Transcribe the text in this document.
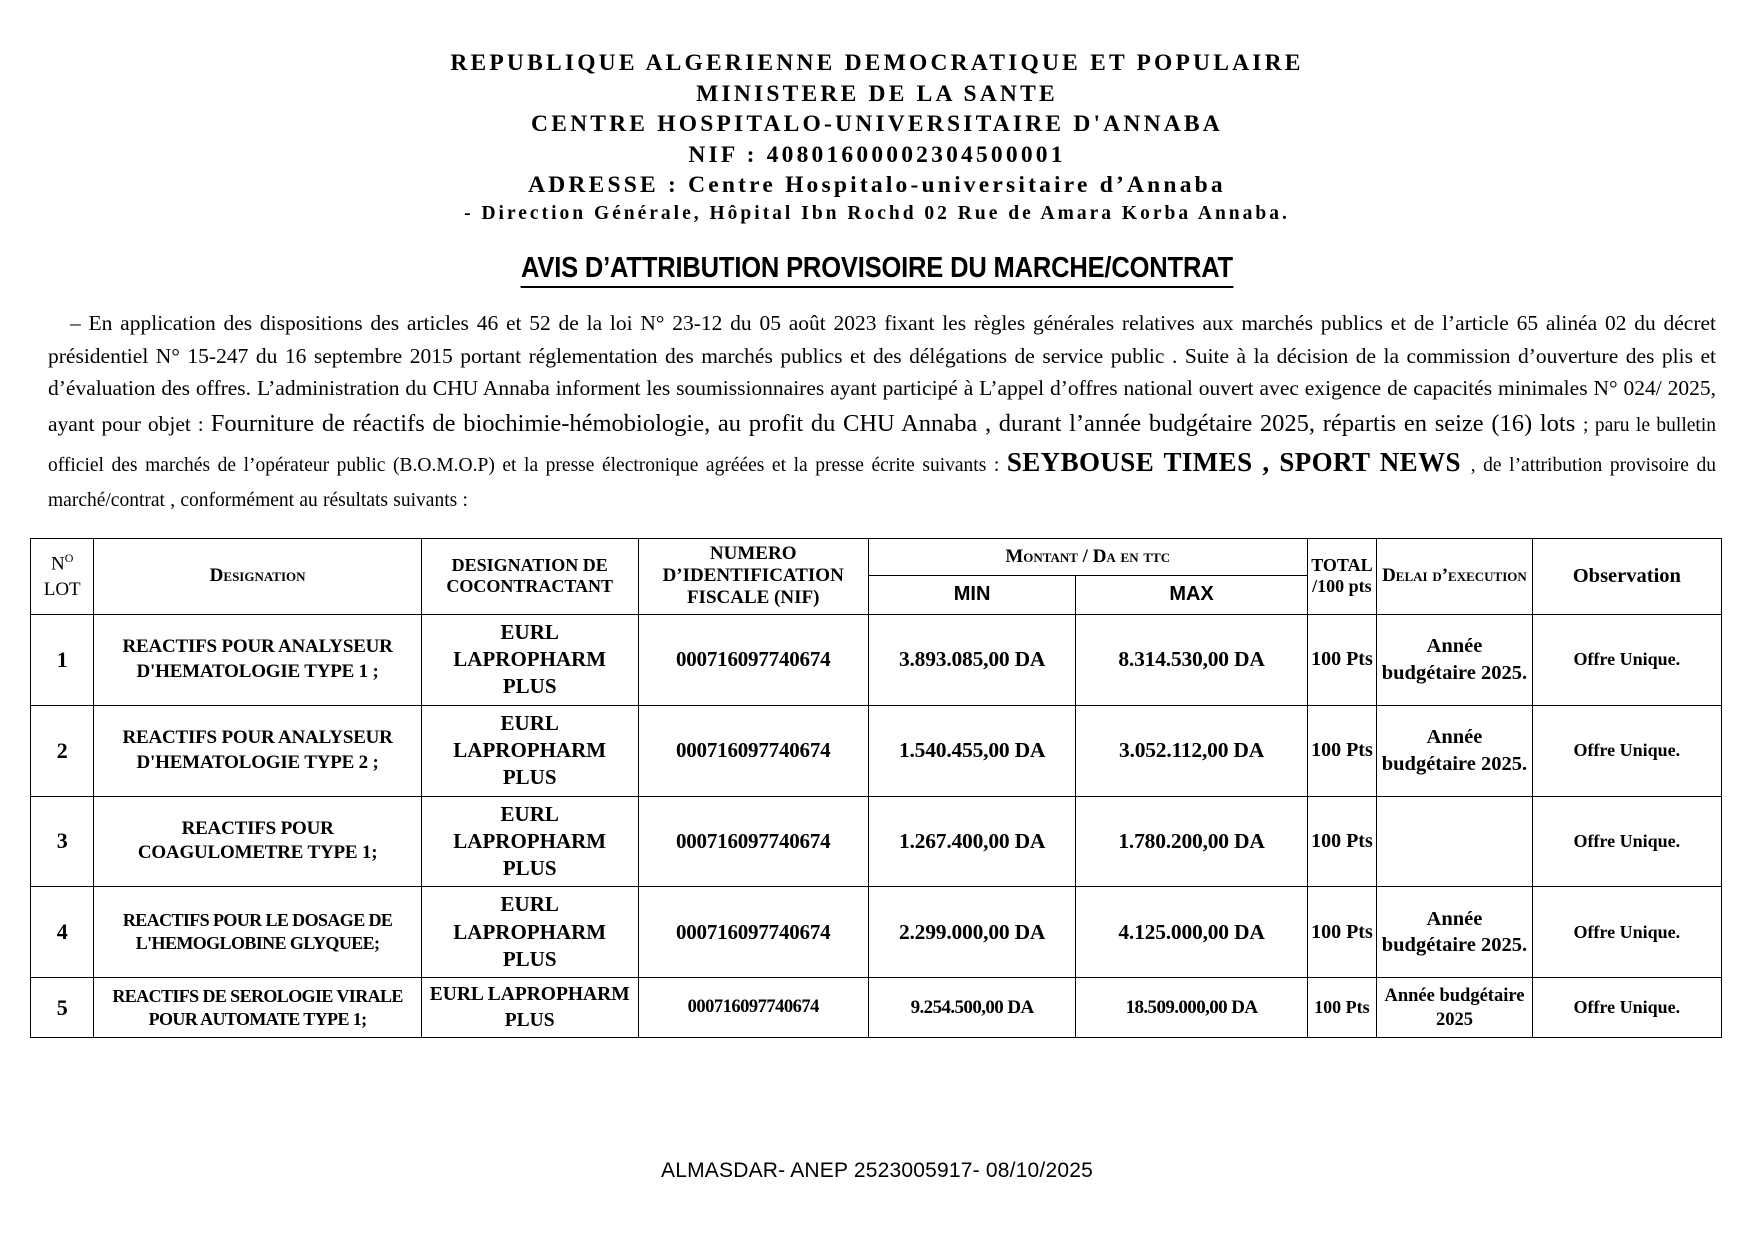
REPUBLIQUE ALGERIENNE DEMOCRATIQUE ET POPULAIRE
MINISTERE DE LA SANTE
CENTRE HOSPITALO-UNIVERSITAIRE D'ANNABA
NIF : 40801600002304500001
ADRESSE : Centre Hospitalo-universitaire d’Annaba
- Direction Générale, Hôpital Ibn Rochd 02 Rue de Amara Korba Annaba.
AVIS D’ATTRIBUTION PROVISOIRE DU MARCHE/CONTRAT

– En application des dispositions des articles 46 et 52 de la loi N° 23-12 du 05 août 2023 fixant les règles générales relatives aux marchés publics et de l’article 65 alinéa 02 du décret présidentiel N° 15-247 du 16 septembre 2015 portant réglementation des marchés publics et des délégations de service public . Suite à la décision de la commission d’ouverture des plis et d’évaluation des offres. L’administration du CHU Annaba informent les soumissionnaires ayant participé à L’appel d’offres national ouvert avec exigence de capacités minimales N° 024/ 2025, ayant pour objet : Fourniture de réactifs de biochimie-hémobiologie, au profit du CHU Annaba , durant l’année budgétaire 2025, répartis en seize (16) lots ; paru le bulletin officiel des marchés de l’opérateur public (B.O.M.O.P) et la presse électronique agréées et la presse écrite suivants : SEYBOUSE TIMES , SPORT NEWS , de l’attribution provisoire du marché/contrat , conformément au résultats suivants :

$N^O$
LOT	Designation	DESIGNATION DE COCONTRACTANT	NUMERO D’IDENTIFICATION FISCALE (NIF)	Montant / Da en ttc		TOTAL /100 pts	Delai d’execution	Observation
				MIN	MAX			
1	REACTIFS POUR ANALYSEUR D'HEMATOLOGIE TYPE 1 ;	EURL LAPROPHARM PLUS	000716097740674	3.893.085,00 DA	8.314.530,00 DA	100 Pts	Année budgétaire 2025.	Offre Unique.
2	REACTIFS POUR ANALYSEUR D'HEMATOLOGIE TYPE 2 ;	EURL LAPROPHARM PLUS	000716097740674	1.540.455,00 DA	3.052.112,00 DA	100 Pts	Année budgétaire 2025.	Offre Unique.
3	REACTIFS POUR COAGULOMETRE TYPE 1;	EURL LAPROPHARM PLUS	000716097740674	1.267.400,00 DA	1.780.200,00 DA	100 Pts		Offre Unique.
4	REACTIFS POUR LE DOSAGE DE L'HEMOGLOBINE GLYQUEE;	EURL LAPROPHARM PLUS	000716097740674	2.299.000,00 DA	4.125.000,00 DA	100 Pts	Année budgétaire 2025.	Offre Unique.
5	REACTIFS DE SEROLOGIE VIRALE POUR AUTOMATE TYPE 1;	EURL LAPROPHARM PLUS	000716097740674	9.254.500,00 DA	18.509.000,00 DA	100 Pts	Année budgétaire 2025	Offre Unique.
ALMASDAR- ANEP 2523005917- 08/10/2025
